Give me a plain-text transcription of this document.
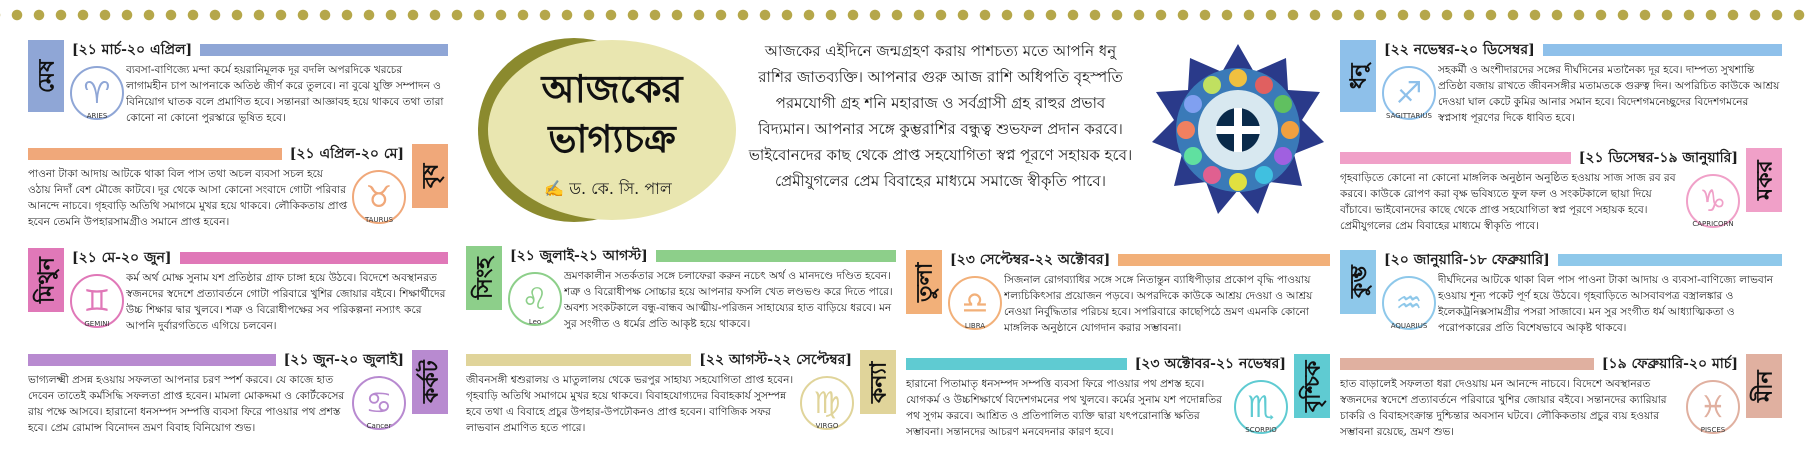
আজকের
ভাগ্যচক্র
✍ ড. কে. সি. পাল
আজকের এইদিনে জন্মগ্রহণ করায় পাশচত্য মতে আপনি ধনু রাশির জাতব্যক্তি। আপনার গুরু আজ রাশি অধিপতি বৃহস্পতি পরমযোগী গ্রহ শনি মহারাজ ও সর্বগ্রাসী গ্রহ রাহুর প্রভাব বিদ্যমান। আপনার সঙ্গে কুম্ভরাশির বন্ধুত্ব শুভফল প্রদান করবে। ভাইবোনদের কাছ থেকে প্রাপ্ত সহযোগিতা স্বপ্ন পূরণে সহায়ক হবে। প্রেমীযুগলের প্রেম বিবাহের মাধ্যমে সমাজে স্বীকৃতি পাবে।
মেষ
[২১ মার্চ-২০ এপ্রিল]
♈
ARIES
ব্যবসা-বাণিজ্যে মন্দা কর্মে হয়রানিমূলক দূর বদলি অপরদিকে খরচের লাগামহীন চাপ আপনাকে অতিষ্ঠ জীর্ণ করে তুলবে। না বুঝে যুক্তি সম্পাদন ও বিনিয়োগ ঘাতক বলে প্রমাণিত হবে। সন্তানরা আজ্ঞাবহ হয়ে থাকবে তথা তারা কোনো না কোনো পুরস্কারে ভূষিত হবে।
বৃষ
[২১ এপ্রিল-২০ মে]
♉
TAURUS
পাওনা টাকা আদায় আটকে থাকা বিল পাস তথা অচল ব্যবসা সচল হয়ে ওঠায় নিদাঁ বেশ মৌজে কাটবে। দূর থেকে আসা কোনো সংবাদে গোটা পরিবার আনন্দে নাচবে। গৃহবাড়ি অতিথি সমাগমে মুখর হয়ে থাকবে। লৌকিকতায় প্রাপ্ত হবেন তেমনি উপহারসামগ্রীও সমানে প্রাপ্ত হবেন।
মিথুন [২১ মে-২০ জুন]
♊
GEMINI
কর্ম অর্থ মোক্ষ সুনাম যশ প্রতিষ্ঠার গ্রাফ চাঙ্গা হয়ে উঠবে। বিদেশে অবস্থানরত স্বজনদের স্বদেশে প্রত্যাবর্তনে গোটা পরিবারে খুশির জোয়ার বইবে। শিক্ষার্থীদের উচ্চ শিক্ষার দ্বার খুলবে। শত্রু ও বিরোধীপক্ষের সব পরিকল্পনা নস্যাৎ করে আপনি দুর্বারগতিতে এগিয়ে চলবেন।
কর্কট
[২১ জুন-২০ জুলাই]
♋
Cancer
ভাগ্যলক্ষ্মী প্রসন্ন হওয়ায় সফলতা আপনার চরণ স্পর্শ করবে। যে কাজে হাত দেবেন তাতেই কর্মসিদ্ধি সফলতা প্রাপ্ত হবেন। মামলা মোকদ্দমা ও কোর্টকেসের রায় পক্ষে আসবে। হারানো ধনসম্পদ সম্পত্তি ব্যবসা ফিরে পাওয়ার পথ প্রশস্ত হবে। প্রেম রোমান্স বিনোদন ভ্রমণ বিবাহ বিনিয়োগ শুভ।
সিংহ
[২১ জুলাই-২১ আগস্ট]
♌
Leo
ভ্রমণকালীন সতর্কতার সঙ্গে চলাফেরা করুন নচেৎ অর্থ ও মানদণ্ডে দণ্ডিত হবেন। শত্রু ও বিরোধীপক্ষ সোচ্চার হয়ে আপনার ফসলি খেত লণ্ডভণ্ড করে দিতে পারে। অবশ্য সংকটকালে বন্ধু-বান্ধব আত্মীয়-পরিজন সাহায্যের হাত বাড়িয়ে ধরবে। মন সুর সংগীত ও ধর্মের প্রতি আকৃষ্ট হয়ে থাকবে।
কন্যা
[২২ আগস্ট-২২ সেপ্টেম্বর]
♍
VIRGO
জীবনসঙ্গী শ্বশুরালয় ও মাতুলালয় থেকে ভরপুর সাহায্য সহযোগিতা প্রাপ্ত হবেন। গৃহবাড়ি অতিথি সমাগমে মুখর হয়ে থাকবে। বিবাহযোগ্যদের বিবাহকার্য সুসম্পন্ন হবে তথা এ বিবাহে প্রচুর উপহার-উপঢৌকনও প্রাপ্ত হবেন। বাণিজিক সফর লাভবান প্রমাণিত হতে পারে।
তুলা
[২৩ সেপ্টেম্বর-২২ অক্টোবর]
♎
LIBRA
সিজনাল রোগব্যাধির সঙ্গে সঙ্গে নিতান্তুন ব্যাধিপীড়ার প্রকোপ বৃদ্ধি পাওয়ায় শল্যচিকিৎসার প্রয়োজন পড়বে। অপরদিকে কাউকে আশ্রয় দেওয়া ও আশ্রয় নেওয়া নির্বুদ্ধিতার পরিচয় হবে। সপরিবারে কাছেপিঠে ভ্রমণ এমনকি কোনো মাঙ্গলিক অনুষ্ঠানে যোগদান করার সম্ভাবনা।
বৃশ্চিক
[২৩ অক্টোবর-২১ নভেম্বর]
♏
SCORPIO
হারানো পিতামাতৃ ধনসম্পদ সম্পত্তি ব্যবসা ফিরে পাওয়ার পথ প্রশস্ত হবে। যোগকর্ম ও উচ্চশিক্ষার্থে বিদেশগমনের পথ খুলবে। কর্মের সুনাম যশ পদোন্নতির পথ সুগম করবে। আশ্রিত ও প্রতিপালিত ব্যক্তি দ্বারা যৎপরোনাস্তি ক্ষতির সম্ভাবনা। সন্তানদের আচরণ মনবেদনার কারণ হবে।
ধনু
[২২ নভেম্বর-২০ ডিসেম্বর]
♐
SAGITTARIUS
সহকর্মী ও অংশীদারদের সঙ্গের দীর্ঘদিনের মতানৈক্য দূর হবে। দাম্পত্য সুখশান্তি প্রতিষ্ঠা বজায় রাখতে জীবনসঙ্গীর মতামতকে গুরুত্ব দিন। অপরিচিত কাউকে আশ্রয় দেওয়া ঘাল কেটে কুমির আনার সমান হবে। বিদেশগমনেচ্ছুদের বিদেশগমনের স্বপ্নসাধ পূরণের দিকে ধাবিত হবে।
মকর
[২১ ডিসেম্বর-১৯ জানুয়ারি]
♑
CAPRICORN
গৃহবাড়িতে কোনো না কোনো মাঙ্গলিক অনুষ্ঠান অনুষ্ঠিত হওয়ায় সাজ সাজ রব রব করবে। কাউকে রোপণ করা বৃক্ষ ভবিষ্যতে ফুল ফল ও সংকটকালে ছায়া দিয়ে বাঁচাবে। ভাইবোনদের কাছে থেকে প্রাপ্ত সহযোগিতা স্বপ্ন পূরণে সহায়ক হবে। প্রেমীযুগলের প্রেম বিবাহের মাধ্যমে স্বীকৃতি পাবে।
কুম্ভ
[২০ জানুয়ারি-১৮ ফেব্রুয়ারি]
♒
AQUARIUS
দীর্ঘদিনের আটকে থাকা বিল পাস পাওনা টাকা আদায় ও ব্যবসা-বাণিজ্যে লাভবান হওয়ায় শূন্য পকেট পূর্ণ হয়ে উঠবে। গৃহবাড়িতে আসবাবপত্র বস্ত্রালঙ্কার ও ইলেকট্রনিক্সসামগ্রীর পসরা সাজাবে। মন সুর সংগীত ধর্ম আধ্যাত্মিকতা ও পরোপকারের প্রতি বিশেষভাবে আকৃষ্ট থাকবে।
মীন
[১৯ ফেব্রুয়ারি-২০ মার্চ]
♓
PISCES
হাত বাড়ালেই সফলতা ধরা দেওয়ায় মন আনন্দে নাচবে। বিদেশে অবস্থানরত স্বজনদের স্বদেশে প্রত্যাবর্তনে পরিবারে খুশির জোয়ার বইবে। সন্তানদের ক্যারিয়ার চাকরি ও বিবাহসংক্রান্ত দুশ্চিন্তার অবসান ঘটবে। লৌকিকতায় প্রচুর ব্যয় হওয়ার সম্ভাবনা রয়েছে, ভ্রমণ শুভ।
